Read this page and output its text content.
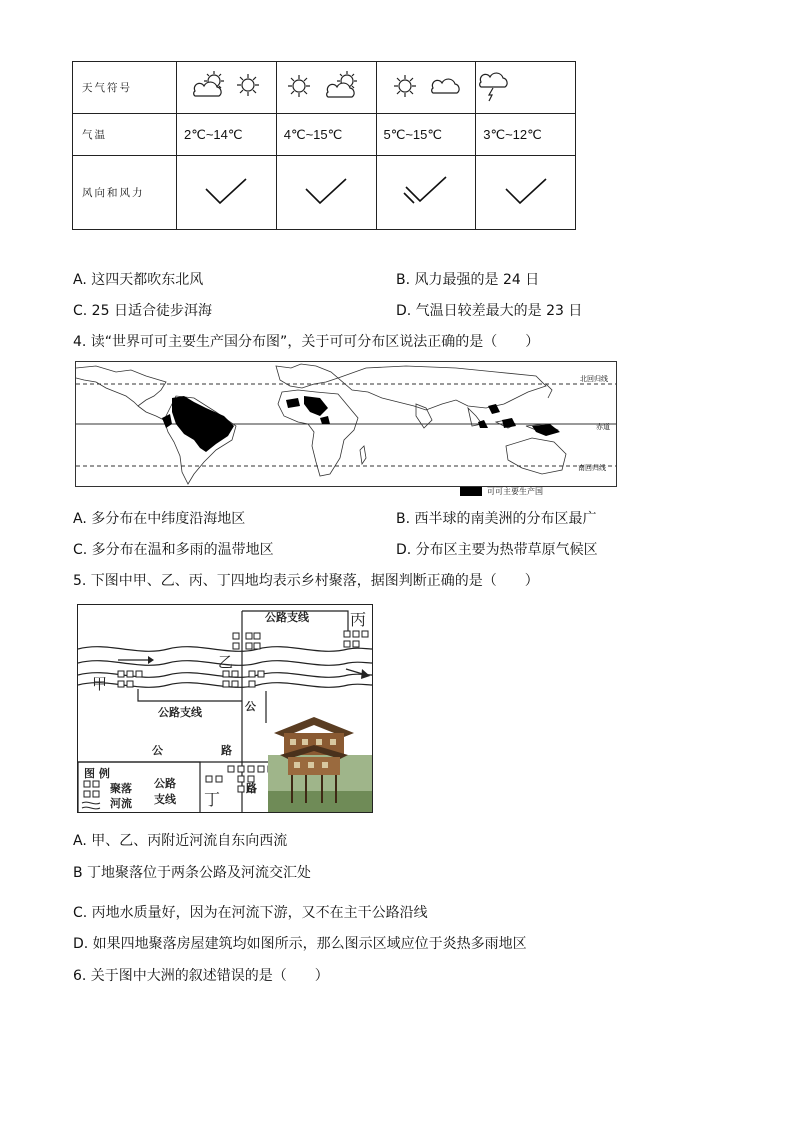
天气符号				
气温	2℃~14℃	4℃~15℃	5℃~15℃	3℃~12℃
风向和风力				
A. 这四天都吹东北风	B. 风力最强的是 24 日
C. 25 日适合徒步洱海	D. 气温日较差最大的是 23 日
4. 读“世界可可主要生产国分布图”，关于可可分布区说法正确的是（　　）
北回归线
赤道
南回归线
可可主要生产国
A. 多分布在中纬度沿海地区	B. 西半球的南美洲的分布区最广
C. 多分布在温和多雨的温带地区	D. 分布区主要为热带草原气候区
5. 下图中甲、乙、丙、丁四地均表示乡村聚落，据图判断正确的是（　　）
公路支线
公路支线
甲
乙
丙
丁
公
公	路
路
图 例
聚落
河流
公路
支线
A. 甲、乙、丙附近河流自东向西流
B 丁地聚落位于两条公路及河流交汇处
C. 丙地水质量好，因为在河流下游，又不在主干公路沿线
D. 如果四地聚落房屋建筑均如图所示，那么图示区域应位于炎热多雨地区
6. 关于图中大洲的叙述错误的是（　　）
